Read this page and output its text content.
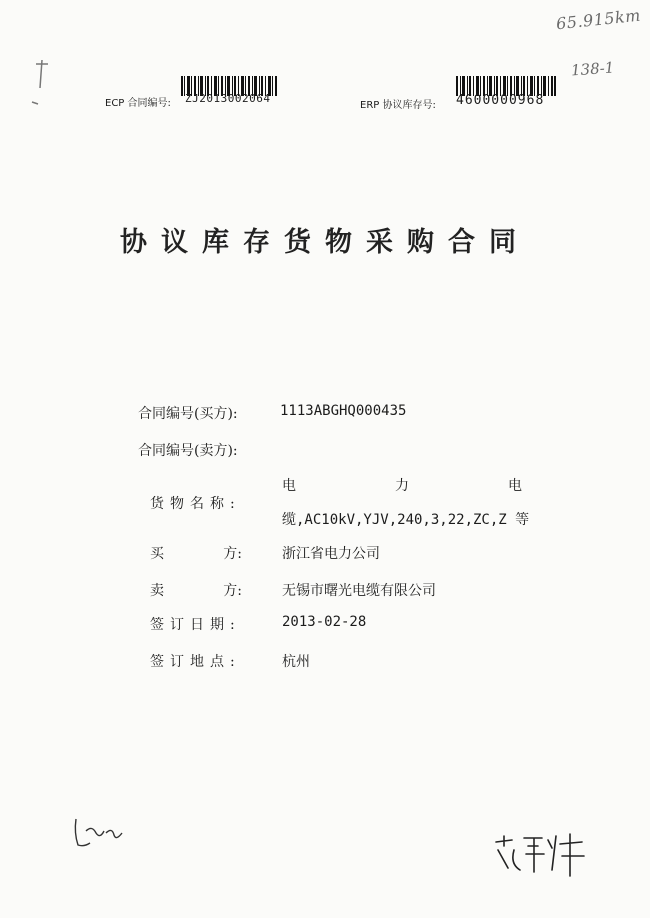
65.915km
138-1
ECP 合同编号: ZJ2013002064
ERP 协议库存号: 4600000968
协议库存货物采购合同
合同编号(买方):	1113ABGHQ000435
合同编号(卖方):
货物名称:
电	力	电
缆,AC10kV,YJV,240,3,22,ZC,Z 等
买	方:	浙江省电力公司
卖	方:	无锡市曙光电缆有限公司
签订日期:	2013-02-28
签订地点:	杭州
